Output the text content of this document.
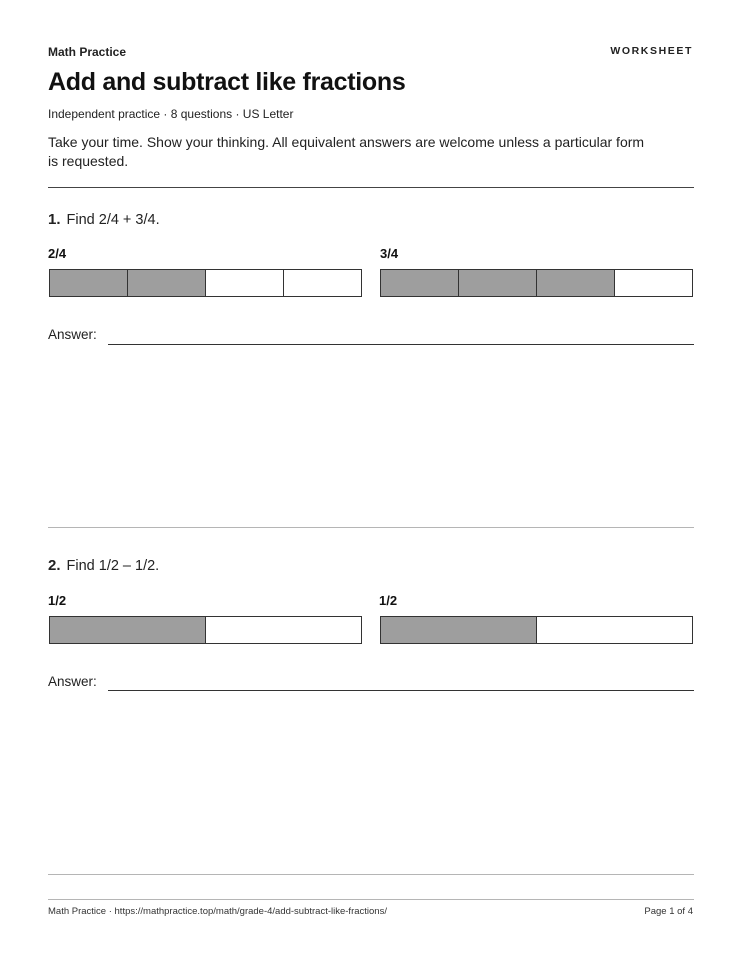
Math Practice	WORKSHEET
Add and subtract like fractions
Independent practice · 8 questions · US Letter

Take your time. Show your thinking. All equivalent answers are welcome unless a particular form is requested.

1. Find 2/4 + 3/4.
2/4	3/4
Answer:
2. Find 1/2 – 1/2.
1/2	1/2
Answer:
Math Practice · https://mathpractice.top/math/grade-4/add-subtract-like-fractions/	Page 1 of 4
